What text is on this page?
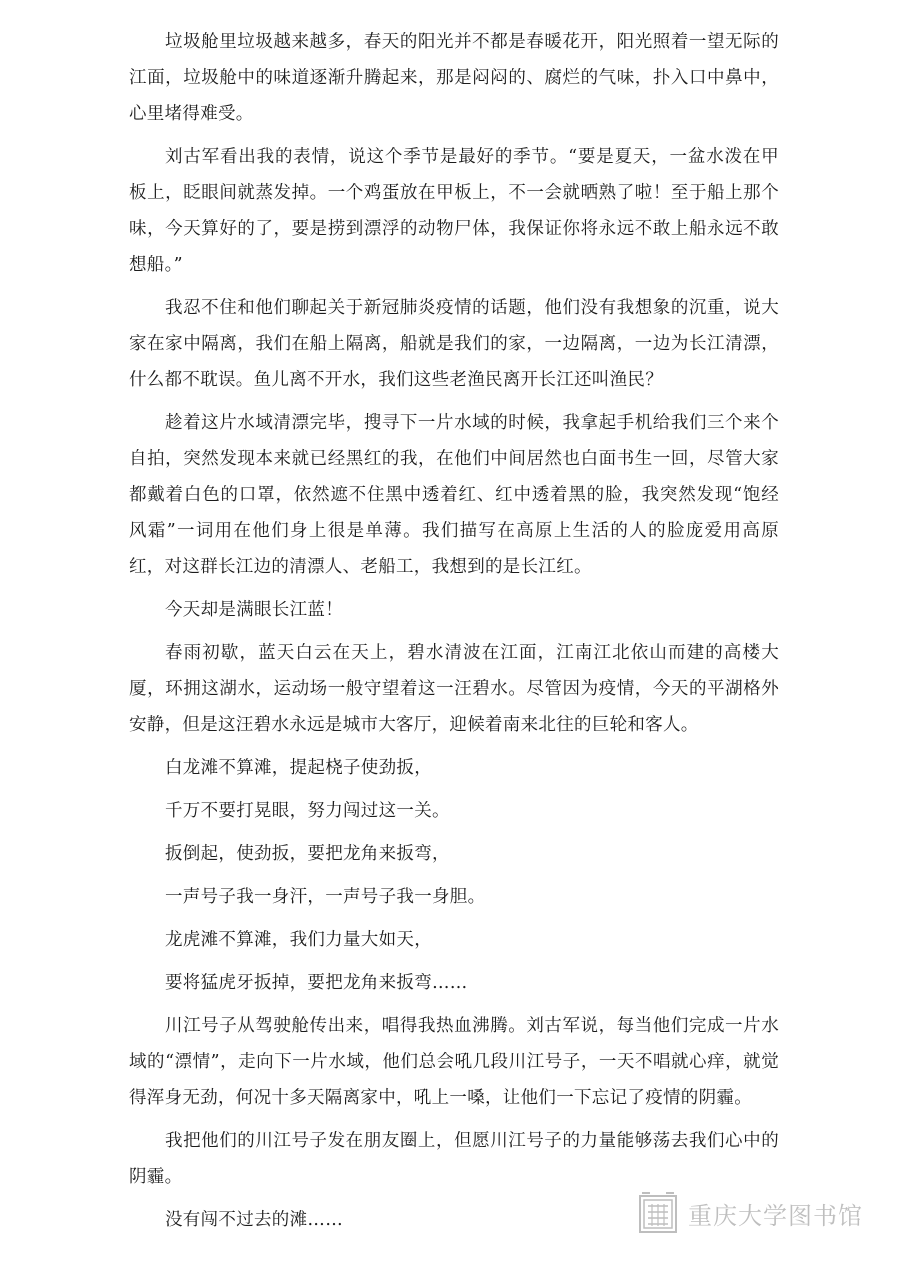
垃圾舱里垃圾越来越多，春天的阳光并不都是春暖花开，阳光照着一望无际的江面，垃圾舱中的味道逐渐升腾起来，那是闷闷的、腐烂的气味，扑入口中鼻中，心里堵得难受。

刘古军看出我的表情，说这个季节是最好的季节。“要是夏天，一盆水泼在甲板上，眨眼间就蒸发掉。一个鸡蛋放在甲板上，不一会就晒熟了啦！至于船上那个味，今天算好的了，要是捞到漂浮的动物尸体，我保证你将永远不敢上船永远不敢想船。”

我忍不住和他们聊起关于新冠肺炎疫情的话题，他们没有我想象的沉重，说大家在家中隔离，我们在船上隔离，船就是我们的家，一边隔离，一边为长江清漂，什么都不耽误。鱼儿离不开水，我们这些老渔民离开长江还叫渔民？

趁着这片水域清漂完毕，搜寻下一片水域的时候，我拿起手机给我们三个来个自拍，突然发现本来就已经黑红的我，在他们中间居然也白面书生一回，尽管大家都戴着白色的口罩，依然遮不住黑中透着红、红中透着黑的脸，我突然发现“饱经风霜”一词用在他们身上很是单薄。我们描写在高原上生活的人的脸庞爱用高原红，对这群长江边的清漂人、老船工，我想到的是长江红。

今天却是满眼长江蓝！

春雨初歇，蓝天白云在天上，碧水清波在江面，江南江北依山而建的高楼大厦，环拥这湖水，运动场一般守望着这一汪碧水。尽管因为疫情，今天的平湖格外安静，但是这汪碧水永远是城市大客厅，迎候着南来北往的巨轮和客人。

白龙滩不算滩，提起桡子使劲扳，

千万不要打晃眼，努力闯过这一关。

扳倒起，使劲扳，要把龙角来扳弯，

一声号子我一身汗，一声号子我一身胆。

龙虎滩不算滩，我们力量大如天，

要将猛虎牙扳掉，要把龙角来扳弯……

川江号子从驾驶舱传出来，唱得我热血沸腾。刘古军说，每当他们完成一片水域的“漂情”，走向下一片水域，他们总会吼几段川江号子，一天不唱就心痒，就觉得浑身无劲，何况十多天隔离家中，吼上一嗓，让他们一下忘记了疫情的阴霾。

我把他们的川江号子发在朋友圈上，但愿川江号子的力量能够荡去我们心中的阴霾。

没有闯不过去的滩……	重庆大学图书馆
